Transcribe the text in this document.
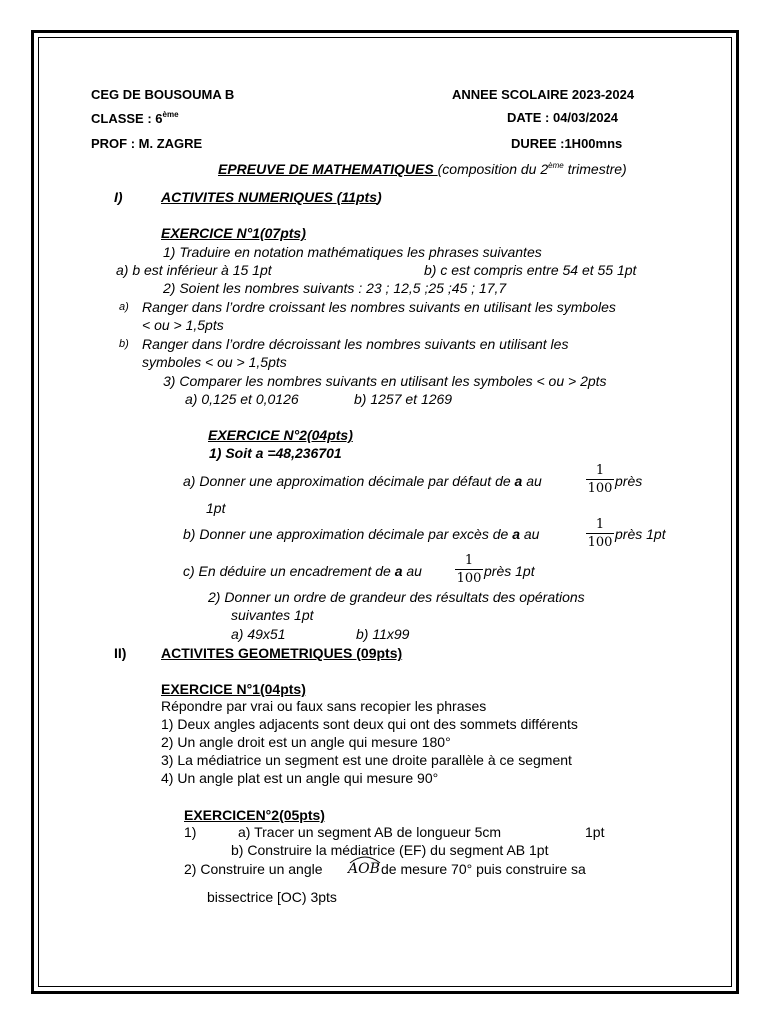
CEG DE BOUSOUMA B	ANNEE SCOLAIRE 2023-2024
CLASSE : 6ème	DATE : 04/03/2024
PROF : M. ZAGRE	DUREE :1H00mns
EPREUVE DE MATHEMATIQUES (composition du 2ème trimestre)
I)	ACTIVITES NUMERIQUES (11pts)
EXERCICE N°1(07pts)
1) Traduire en notation mathématiques les phrases suivantes
a) b est inférieur à 15 1pt	b) c est compris entre 54 et 55 1pt
2) Soient les nombres suivants : 23 ; 12,5 ;25 ;45 ; 17,7
a) Ranger dans l’ordre croissant les nombres suivants en utilisant les symboles
< ou > 1,5pts
b) Ranger dans l’ordre décroissant les nombres suivants en utilisant les
symboles < ou > 1,5pts
3) Comparer les nombres suivants en utilisant les symboles < ou > 2pts
a) 0,125 et 0,0126	b) 1257 et 1269
EXERCICE N°2(04pts)
1) Soit a =48,236701
a) Donner une approximation décimale par défaut de a au	$\frac{1}{100}$ près
1pt
b) Donner une approximation décimale par excès de a au	$\frac{1}{100}$ près 1pt
c) En déduire un encadrement de a au	$\frac{1}{100}$ près 1pt
2) Donner un ordre de grandeur des résultats des opérations
suivantes 1pt
a) 49x51	b) 11x99
II) ACTIVITES GEOMETRIQUES (09pts)
EXERCICE N°1(04pts)
Répondre par vrai ou faux sans recopier les phrases
1) Deux angles adjacents sont deux qui ont des sommets différents
2) Un angle droit est un angle qui mesure 180°
3) La médiatrice un segment est une droite parallèle à ce segment
4) Un angle plat est un angle qui mesure 90°
EXERCICEN°2(05pts)
1)	a) Tracer un segment AB de longueur 5cm	1pt
b) Construire la médiatrice (EF) du segment AB 1pt
2) Construire un angle AOB de mesure 70° puis construire sa
bissectrice [OC) 3pts
